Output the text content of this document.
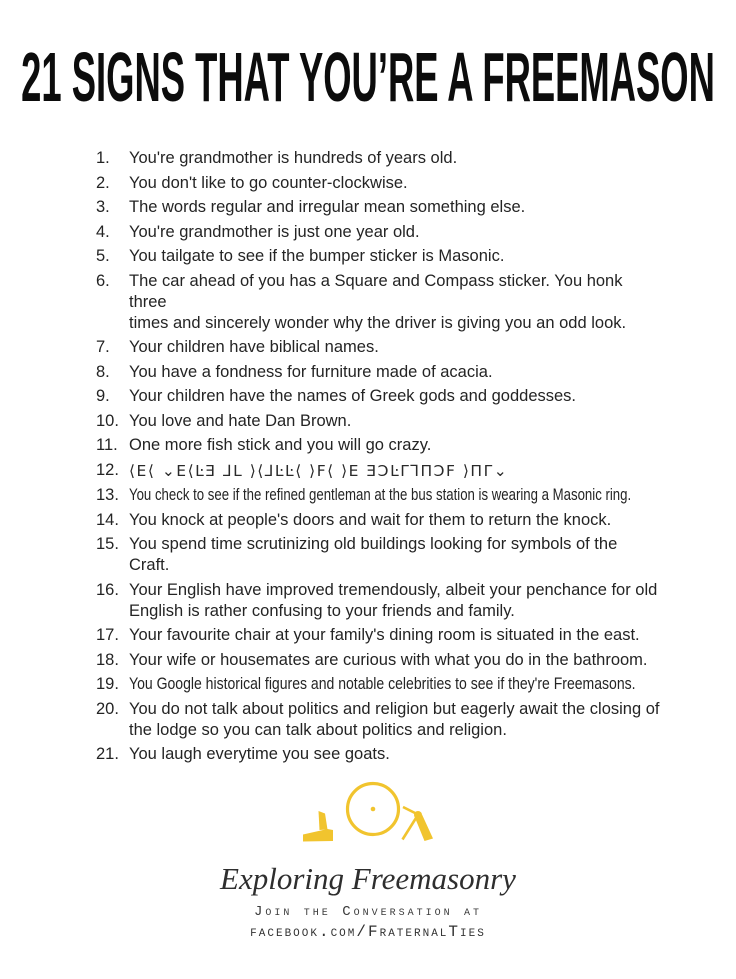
21 SIGNS THAT YOU’RE A FREEMASON
1.	You're grandmother is hundreds of years old.
2.	You don't like to go counter-clockwise.
3.	The words regular and irregular mean something else.
4.	You're grandmother is just one year old.
5.	You tailgate to see if the bumper sticker is Masonic.
6.	The car ahead of you has a Square and Compass sticker. You honk three
times and sincerely wonder why the driver is giving you an odd look.
7.	Your children have biblical names.
8.	You have a fondness for furniture made of acacia.
9.	Your children have the names of Greek gods and goddesses.
10. You love and hate Dan Brown.
11. One more fish stick and you will go crazy.
12. ⟨E⟨ ⌄E⟨ĿƎ ⅃L ⟩⟨⅃ĿĿ⟨ ⟩F⟨ ⟩E ƎƆĿΓ⅂ΠƆF ⟩ΠΓ⌄
13. You check to see if the refined gentleman at the bus station is wearing a Masonic ring.
14. You knock at people's doors and wait for them to return the knock.
15. You spend time scrutinizing old buildings looking for symbols of the Craft.
16. Your English have improved tremendously, albeit your penchance for old
English is rather confusing to your friends and family.
17. Your favourite chair at your family's dining room is situated in the east.
18. Your wife or housemates are curious with what you do in the bathroom.
19. You Google historical figures and notable celebrities to see if they're Freemasons.
20. You do not talk about politics and religion but eagerly await the closing of
the lodge so you can talk about politics and religion.
21. You laugh everytime you see goats.
Exploring Freemasonry
Join the Conversation at
facebook.com/FraternalTies
